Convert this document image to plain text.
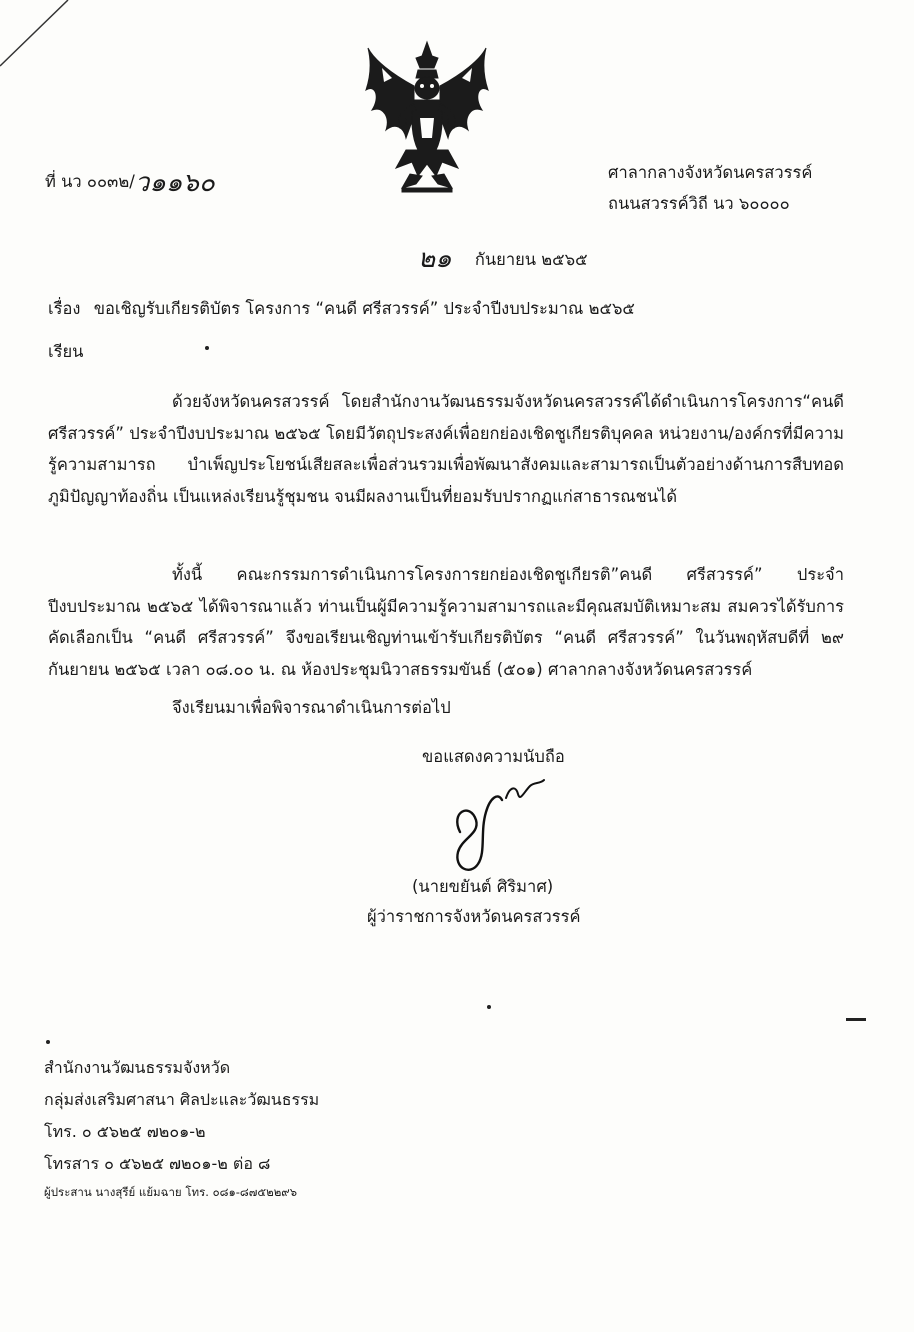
ที่ นว ๐๐๓๒/ว๑๑๖๐	ศาลากลางจังหวัดนครสวรรค์
ถนนสวรรค์วิถี นว ๖๐๐๐๐
๒๑ กันยายน ๒๕๖๕
เรื่อง ขอเชิญรับเกียรติบัตร โครงการ “คนดี ศรีสวรรค์” ประจำปีงบประมาณ ๒๕๖๕
เรียน
ด้วยจังหวัดนครสวรรค์ โดยสำนักงานวัฒนธรรมจังหวัดนครสวรรค์ได้ดำเนินการโครงการ“คนดี ศรีสวรรค์” ประจำปีงบประมาณ ๒๕๖๕ โดยมีวัตถุประสงค์เพื่อยกย่องเชิดชูเกียรติบุคคล หน่วยงาน/องค์กรที่มีความรู้ความสามารถ บำเพ็ญประโยชน์เสียสละเพื่อส่วนรวมเพื่อพัฒนาสังคมและสามารถเป็นตัวอย่างด้านการสืบทอดภูมิปัญญาท้องถิ่น เป็นแหล่งเรียนรู้ชุมชน จนมีผลงานเป็นที่ยอมรับปรากฏแก่สาธารณชนได้
ทั้งนี้ คณะกรรมการดำเนินการโครงการยกย่องเชิดชูเกียรติ”คนดี ศรีสวรรค์” ประจำปีงบประมาณ ๒๕๖๕ ได้พิจารณาแล้ว ท่านเป็นผู้มีความรู้ความสามารถและมีคุณสมบัติเหมาะสม สมควรได้รับการคัดเลือกเป็น “คนดี ศรีสวรรค์” จึงขอเรียนเชิญท่านเข้ารับเกียรติบัตร “คนดี ศรีสวรรค์” ในวันพฤหัสบดีที่ ๒๙ กันยายน ๒๕๖๕ เวลา ๐๘.๐๐ น. ณ ห้องประชุมนิวาสธรรมขันธ์ (๕๐๑) ศาลากลางจังหวัดนครสวรรค์
จึงเรียนมาเพื่อพิจารณาดำเนินการต่อไป
ขอแสดงความนับถือ
(นายขยันต์ ศิริมาศ)
ผู้ว่าราชการจังหวัดนครสวรรค์
สำนักงานวัฒนธรรมจังหวัด
กลุ่มส่งเสริมศาสนา ศิลปะและวัฒนธรรม
โทร. ๐ ๕๖๒๕ ๗๒๐๑-๒
โทรสาร ๐ ๕๖๒๕ ๗๒๐๑-๒ ต่อ ๘
ผู้ประสาน นางสุรีย์ แย้มฉาย โทร. ๐๘๑-๘๗๕๒๒๙๖
